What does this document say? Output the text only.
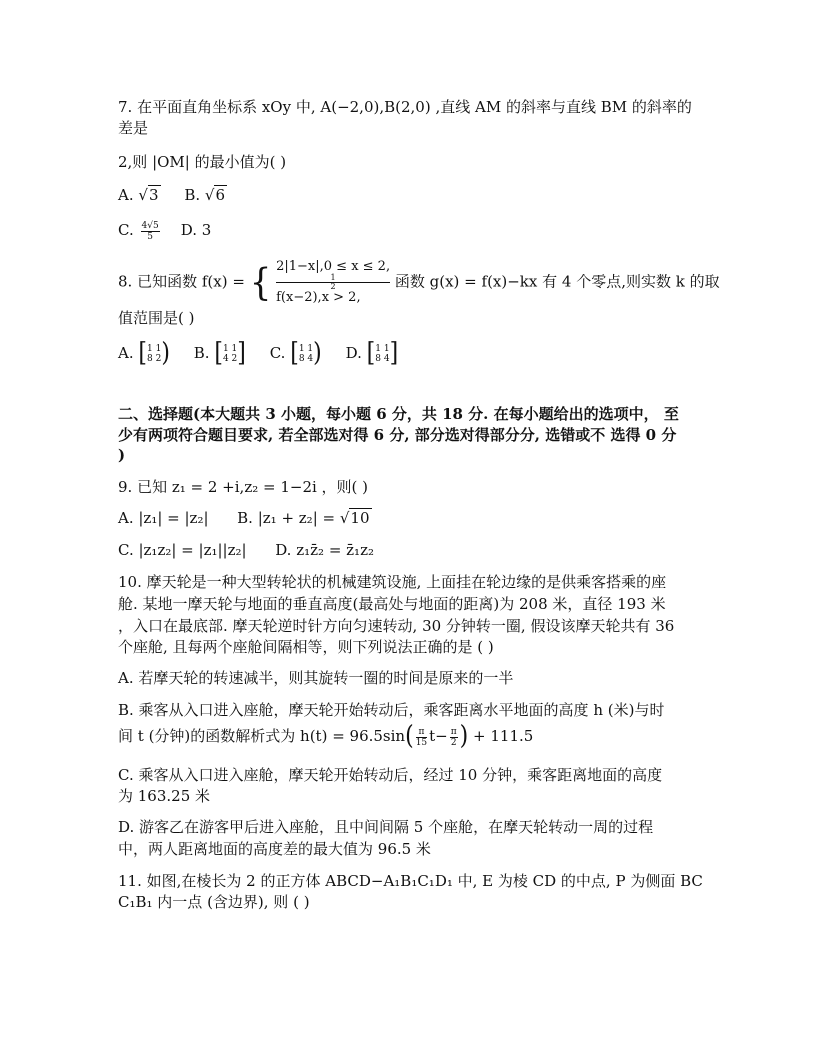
7. 在平面直角坐标系 xOy 中, A(−2,0),B(2,0) ,直线 AM 的斜率与直线 BM 的斜率的
差是
2,则 |OM| 的最小值为( )
A. √3 B. √6
C. $\frac{4√5}{5} D$. 3
8. 已知函数 f(x) = { 2|1−x|,0 ≤ x ≤ 2,
1
2
f(x−2),x > 2,
函数 g(x) = f(x)−kx 有 4 个零点,则实数 k 的取
值范围是( )
A. [ 1 1
8 2 ) B. [ 1 1
4 2 ] C. [ 1 1
8 4 ) D. [ 1 1
8 4 ]
二、选择题(本大题共 3 小题，每小题 6 分，共 18 分. 在每小题给出的选项中， 至
少有两项符合题目要求, 若全部选对得 6 分, 部分选对得部分分, 选错或不 选得 0 分
)
9. 已知 z₁ = 2 +i,z₂ = 1−2i ，则( )
A. |z₁| = |z₂| B. |z₁ + z₂| = √10
C. |z₁z₂| = |z₁||z₂| D. z₁z̄₂ = z̄₁z₂
10. 摩天轮是一种大型转轮状的机械建筑设施, 上面挂在轮边缘的是供乘客搭乘的座
舱. 某地一摩天轮与地面的垂直高度(最高处与地面的距离)为 208 米，直径 193 米
，入口在最底部. 摩天轮逆时针方向匀速转动, 30 分钟转一圈, 假设该摩天轮共有 36
个座舱, 且每两个座舱间隔相等，则下列说法正确的是 ( )
A. 若摩天轮的转速减半，则其旋转一圈的时间是原来的一半
B. 乘客从入口进入座舱，摩天轮开始转动后，乘客距离水平地面的高度 h (米)与时
间 t (分钟)的函数解析式为 $h(t) = 96.5\sin( \frac{\pi}{15} t- \frac{\pi}{2}$ ) + 111.5
C. 乘客从入口进入座舱，摩天轮开始转动后，经过 10 分钟，乘客距离地面的高度
为 163.25 米
D. 游客乙在游客甲后进入座舱，且中间间隔 5 个座舱，在摩天轮转动一周的过程
中，两人距离地面的高度差的最大值为 96.5 米
11. 如图,在棱长为 2 的正方体 ABCD−A₁B₁C₁D₁ 中, E 为棱 CD 的中点, P 为侧面 BC
C₁B₁ 内一点 (含边界), 则 ( )
